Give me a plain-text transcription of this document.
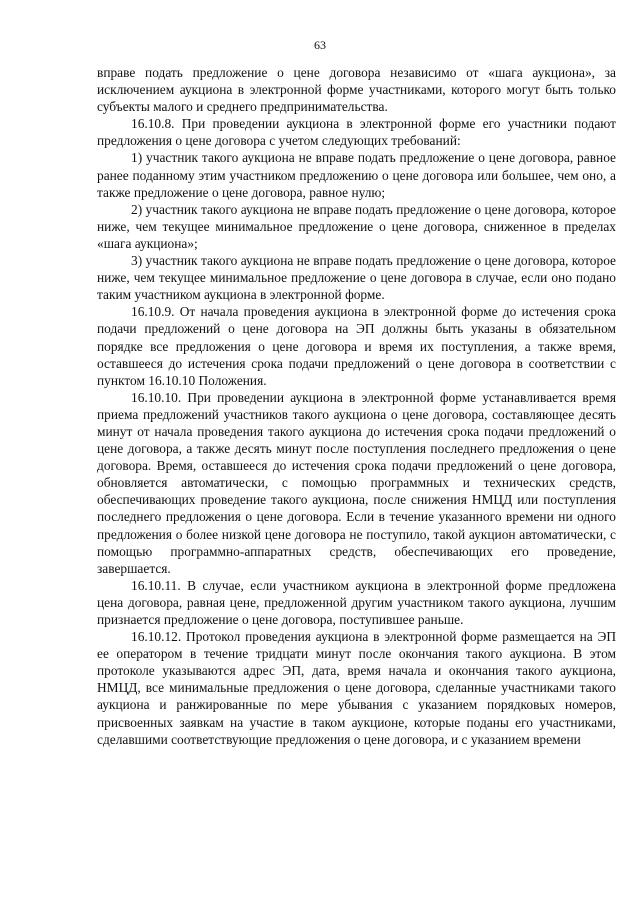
63

вправе подать предложение о цене договора независимо от «шага аукциона», за исключением аукциона в электронной форме участниками, которого могут быть только субъекты малого и среднего предпринимательства.

16.10.8. При проведении аукциона в электронной форме его участники подают предложения о цене договора с учетом следующих требований:

1) участник такого аукциона не вправе подать предложение о цене договора, равное ранее поданному этим участником предложению о цене договора или большее, чем оно, а также предложение о цене договора, равное нулю;

2) участник такого аукциона не вправе подать предложение о цене договора, которое ниже, чем текущее минимальное предложение о цене договора, сниженное в пределах «шага аукциона»;

3) участник такого аукциона не вправе подать предложение о цене договора, которое ниже, чем текущее минимальное предложение о цене договора в случае, если оно подано таким участником аукциона в электронной форме.

16.10.9. От начала проведения аукциона в электронной форме до истечения срока подачи предложений о цене договора на ЭП должны быть указаны в обязательном порядке все предложения о цене договора и время их поступления, а также время, оставшееся до истечения срока подачи предложений о цене договора в соответствии с пунктом 16.10.10 Положения.

16.10.10. При проведении аукциона в электронной форме устанавливается время приема предложений участников такого аукциона о цене договора, составляющее десять минут от начала проведения такого аукциона до истечения срока подачи предложений о цене договора, а также десять минут после поступления последнего предложения о цене договора. Время, оставшееся до истечения срока подачи предложений о цене договора, обновляется автоматически, с помощью программных и технических средств, обеспечивающих проведение такого аукциона, после снижения НМЦД или поступления последнего предложения о цене договора. Если в течение указанного времени ни одного предложения о более низкой цене договора не поступило, такой аукцион автоматически, с помощью программно-аппаратных средств, обеспечивающих его проведение, завершается.

16.10.11. В случае, если участником аукциона в электронной форме предложена цена договора, равная цене, предложенной другим участником такого аукциона, лучшим признается предложение о цене договора, поступившее раньше.

16.10.12. Протокол проведения аукциона в электронной форме размещается на ЭП ее оператором в течение тридцати минут после окончания такого аукциона. В этом протоколе указываются адрес ЭП, дата, время начала и окончания такого аукциона, НМЦД, все минимальные предложения о цене договора, сделанные участниками такого аукциона и ранжированные по мере убывания с указанием порядковых номеров, присвоенных заявкам на участие в таком аукционе, которые поданы его участниками, сделавшими соответствующие предложения о цене договора, и с указанием времени
